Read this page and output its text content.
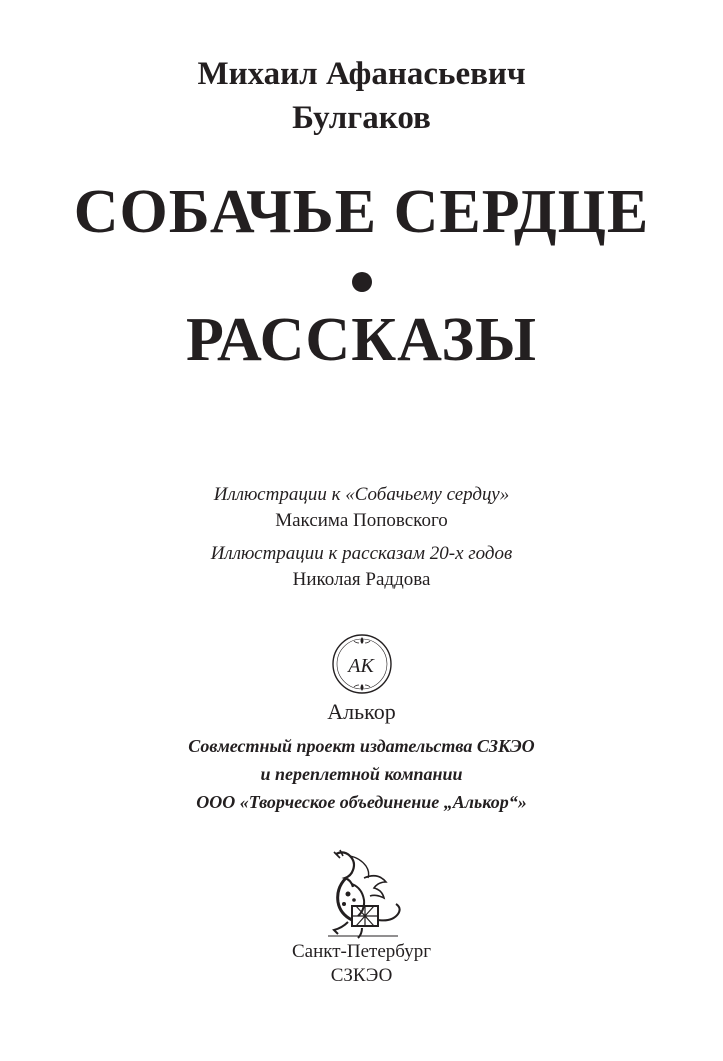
Михаил Афанасьевич
Булгаков
СОБАЧЬЕ СЕРДЦЕ
РАССКАЗЫ
Иллюстрации к «Собачьему сердцу»
Максима Поповского
Иллюстрации к рассказам 20-х годов
Николая Раддова
АК
Алькор
Совместный проект издательства СЗКЭО
и переплетной компании
ООО «Творческое объединение „Алькор“»
Санкт-Петербург
СЗКЭО
